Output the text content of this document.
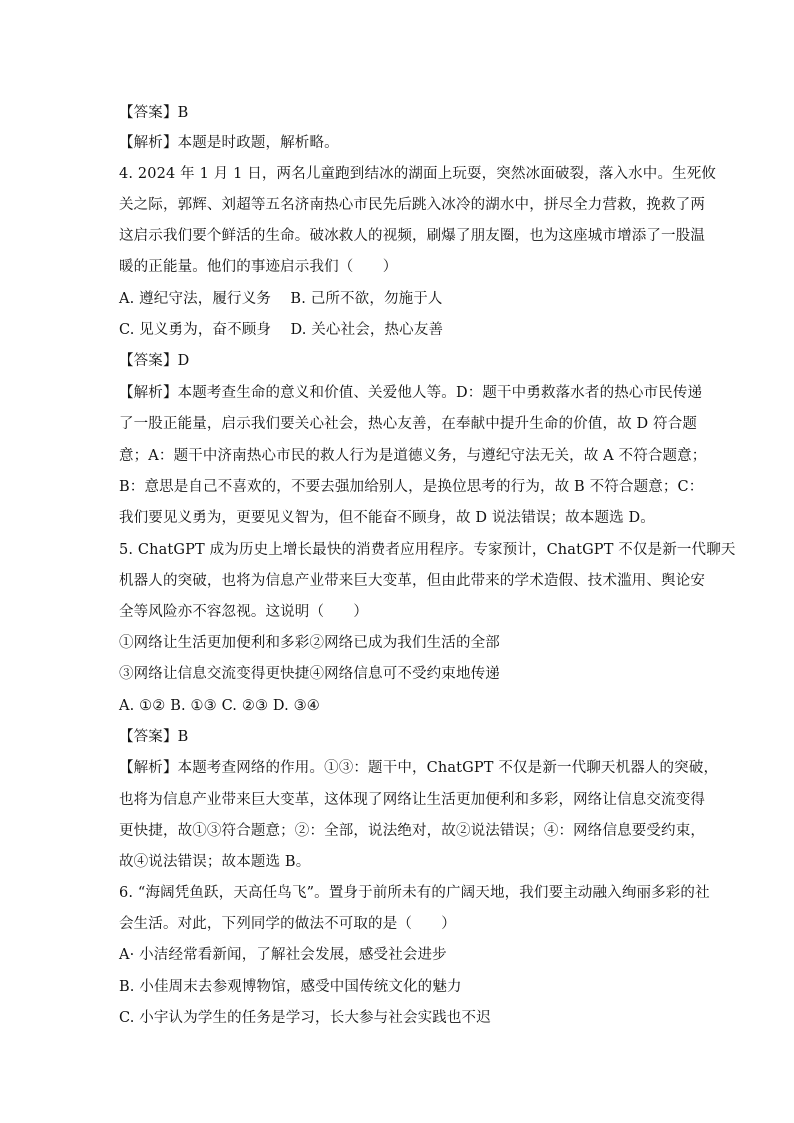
【答案】B
【解析】本题是时政题，解析略。
4. 2024 年 1 月 1 日，两名儿童跑到结冰的湖面上玩耍，突然冰面破裂，落入水中。生死攸
关之际，郭辉、刘超等五名济南热心市民先后跳入冰冷的湖水中，拼尽全力营救，挽救了两
这启示我们要个鲜活的生命。破冰救人的视频，刷爆了朋友圈，也为这座城市增添了一股温
暖的正能量。他们的事迹启示我们（　　）
A. 遵纪守法，履行义务　 B. 己所不欲，勿施于人
C. 见义勇为，奋不顾身　 D. 关心社会，热心友善
【答案】D
【解析】本题考查生命的意义和价值、关爱他人等。D：题干中勇救落水者的热心市民传递
了一股正能量，启示我们要关心社会，热心友善，在奉献中提升生命的价值，故 D 符合题
意；A：题干中济南热心市民的救人行为是道德义务，与遵纪守法无关，故 A 不符合题意；
B：意思是自己不喜欢的，不要去强加给别人，是换位思考的行为，故 B 不符合题意；C：
我们要见义勇为，更要见义智为，但不能奋不顾身，故 D 说法错误；故本题选 D。
5. ChatGPT 成为历史上增长最快的消费者应用程序。专家预计，ChatGPT 不仅是新一代聊天
机器人的突破，也将为信息产业带来巨大变革，但由此带来的学术造假、技术滥用、舆论安
全等风险亦不容忽视。这说明（　　）
①网络让生活更加便利和多彩②网络已成为我们生活的全部
③网络让信息交流变得更快捷④网络信息可不受约束地传递
A. ①② B. ①③ C. ②③ D. ③④
【答案】B
【解析】本题考查网络的作用。①③：题干中，ChatGPT 不仅是新一代聊天机器人的突破，
也将为信息产业带来巨大变革，这体现了网络让生活更加便利和多彩，网络让信息交流变得
更快捷，故①③符合题意；②：全部，说法绝对，故②说法错误；④：网络信息要受约束，
故④说法错误；故本题选 B。
6. “海阔凭鱼跃，天高任鸟飞”。置身于前所未有的广阔天地，我们要主动融入绚丽多彩的社
会生活。对此，下列同学的做法不可取的是（　　）
A· 小洁经常看新闻，了解社会发展，感受社会进步
B. 小佳周末去参观博物馆，感受中国传统文化的魅力
C. 小宇认为学生的任务是学习，长大参与社会实践也不迟
